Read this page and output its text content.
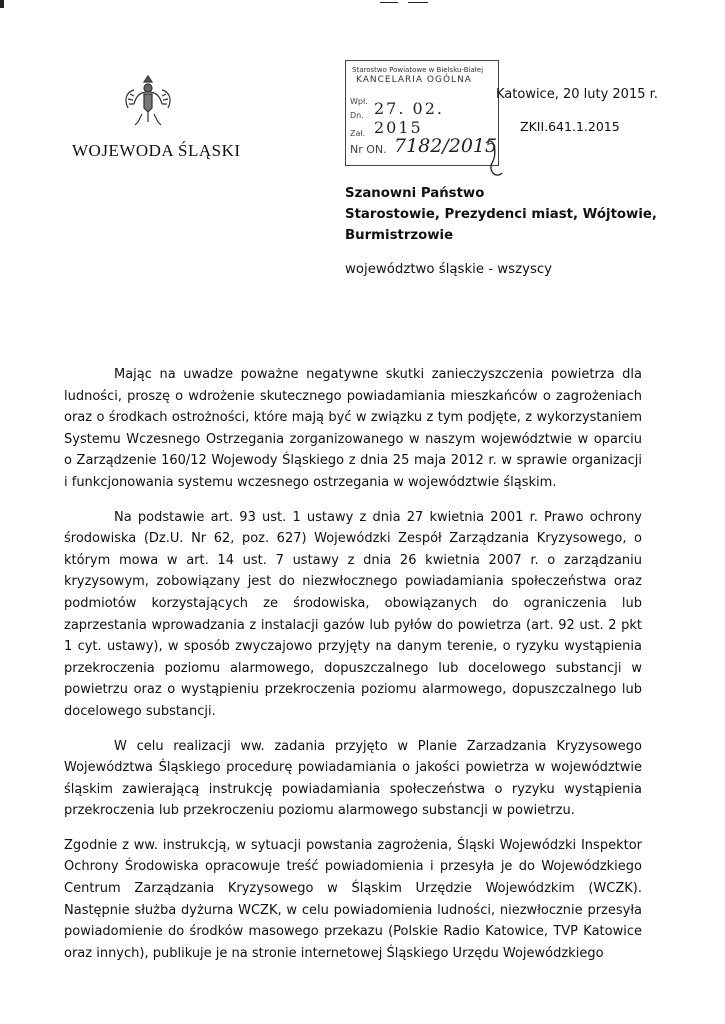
WOJEWODA ŚLĄSKI
Starostwo Powiatowe w Bielsku-Białej
KANCELARIA OGÓLNA
Wpł.
Dn. 27. 02. 2015
Zał.
Nr ON. 7182/2015
Katowice, 20 luty 2015 r.
ZKII.641.1.2015
Szanowni Państwo
Starostowie, Prezydenci miast, Wójtowie,
Burmistrzowie
województwo śląskie - wszyscy

Mając na uwadze poważne negatywne skutki zanieczyszczenia powietrza dla ludności, proszę o wdrożenie skutecznego powiadamiania mieszkańców o zagrożeniach oraz o środkach ostrożności, które mają być w związku z tym podjęte, z wykorzystaniem Systemu Wczesnego Ostrzegania zorganizowanego w naszym województwie w oparciu o Zarządzenie 160/12 Wojewody Śląskiego z dnia 25 maja 2012 r. w sprawie organizacji i funkcjonowania systemu wczesnego ostrzegania w województwie śląskim.

Na podstawie art. 93 ust. 1 ustawy z dnia 27 kwietnia 2001 r. Prawo ochrony środowiska (Dz.U. Nr 62, poz. 627) Wojewódzki Zespół Zarządzania Kryzysowego, o którym mowa w art. 14 ust. 7 ustawy z dnia 26 kwietnia 2007 r. o zarządzaniu kryzysowym, zobowiązany jest do niezwłocznego powiadamiania społeczeństwa oraz podmiotów korzystających ze środowiska, obowiązanych do ograniczenia lub zaprzestania wprowadzania z instalacji gazów lub pyłów do powietrza (art. 92 ust. 2 pkt 1 cyt. ustawy), w sposób zwyczajowo przyjęty na danym terenie, o ryzyku wystąpienia przekroczenia poziomu alarmowego, dopuszczalnego lub docelowego substancji w powietrzu oraz o wystąpieniu przekroczenia poziomu alarmowego, dopuszczalnego lub docelowego substancji.

W celu realizacji ww. zadania przyjęto w Planie Zarzadzania Kryzysowego Województwa Śląskiego procedurę powiadamiania o jakości powietrza w województwie śląskim zawierającą instrukcję powiadamiania społeczeństwa o ryzyku wystąpienia przekroczenia lub przekroczeniu poziomu alarmowego substancji w powietrzu.

Zgodnie z ww. instrukcją, w sytuacji powstania zagrożenia, Śląski Wojewódzki Inspektor Ochrony Środowiska opracowuje treść powiadomienia i przesyła je do Wojewódzkiego Centrum Zarządzania Kryzysowego w Śląskim Urzędzie Wojewódzkim (WCZK). Następnie służba dyżurna WCZK, w celu powiadomienia ludności, niezwłocznie przesyła powiadomienie do środków masowego przekazu (Polskie Radio Katowice, TVP Katowice oraz innych), publikuje je na stronie internetowej Śląskiego Urzędu Wojewódzkiego
